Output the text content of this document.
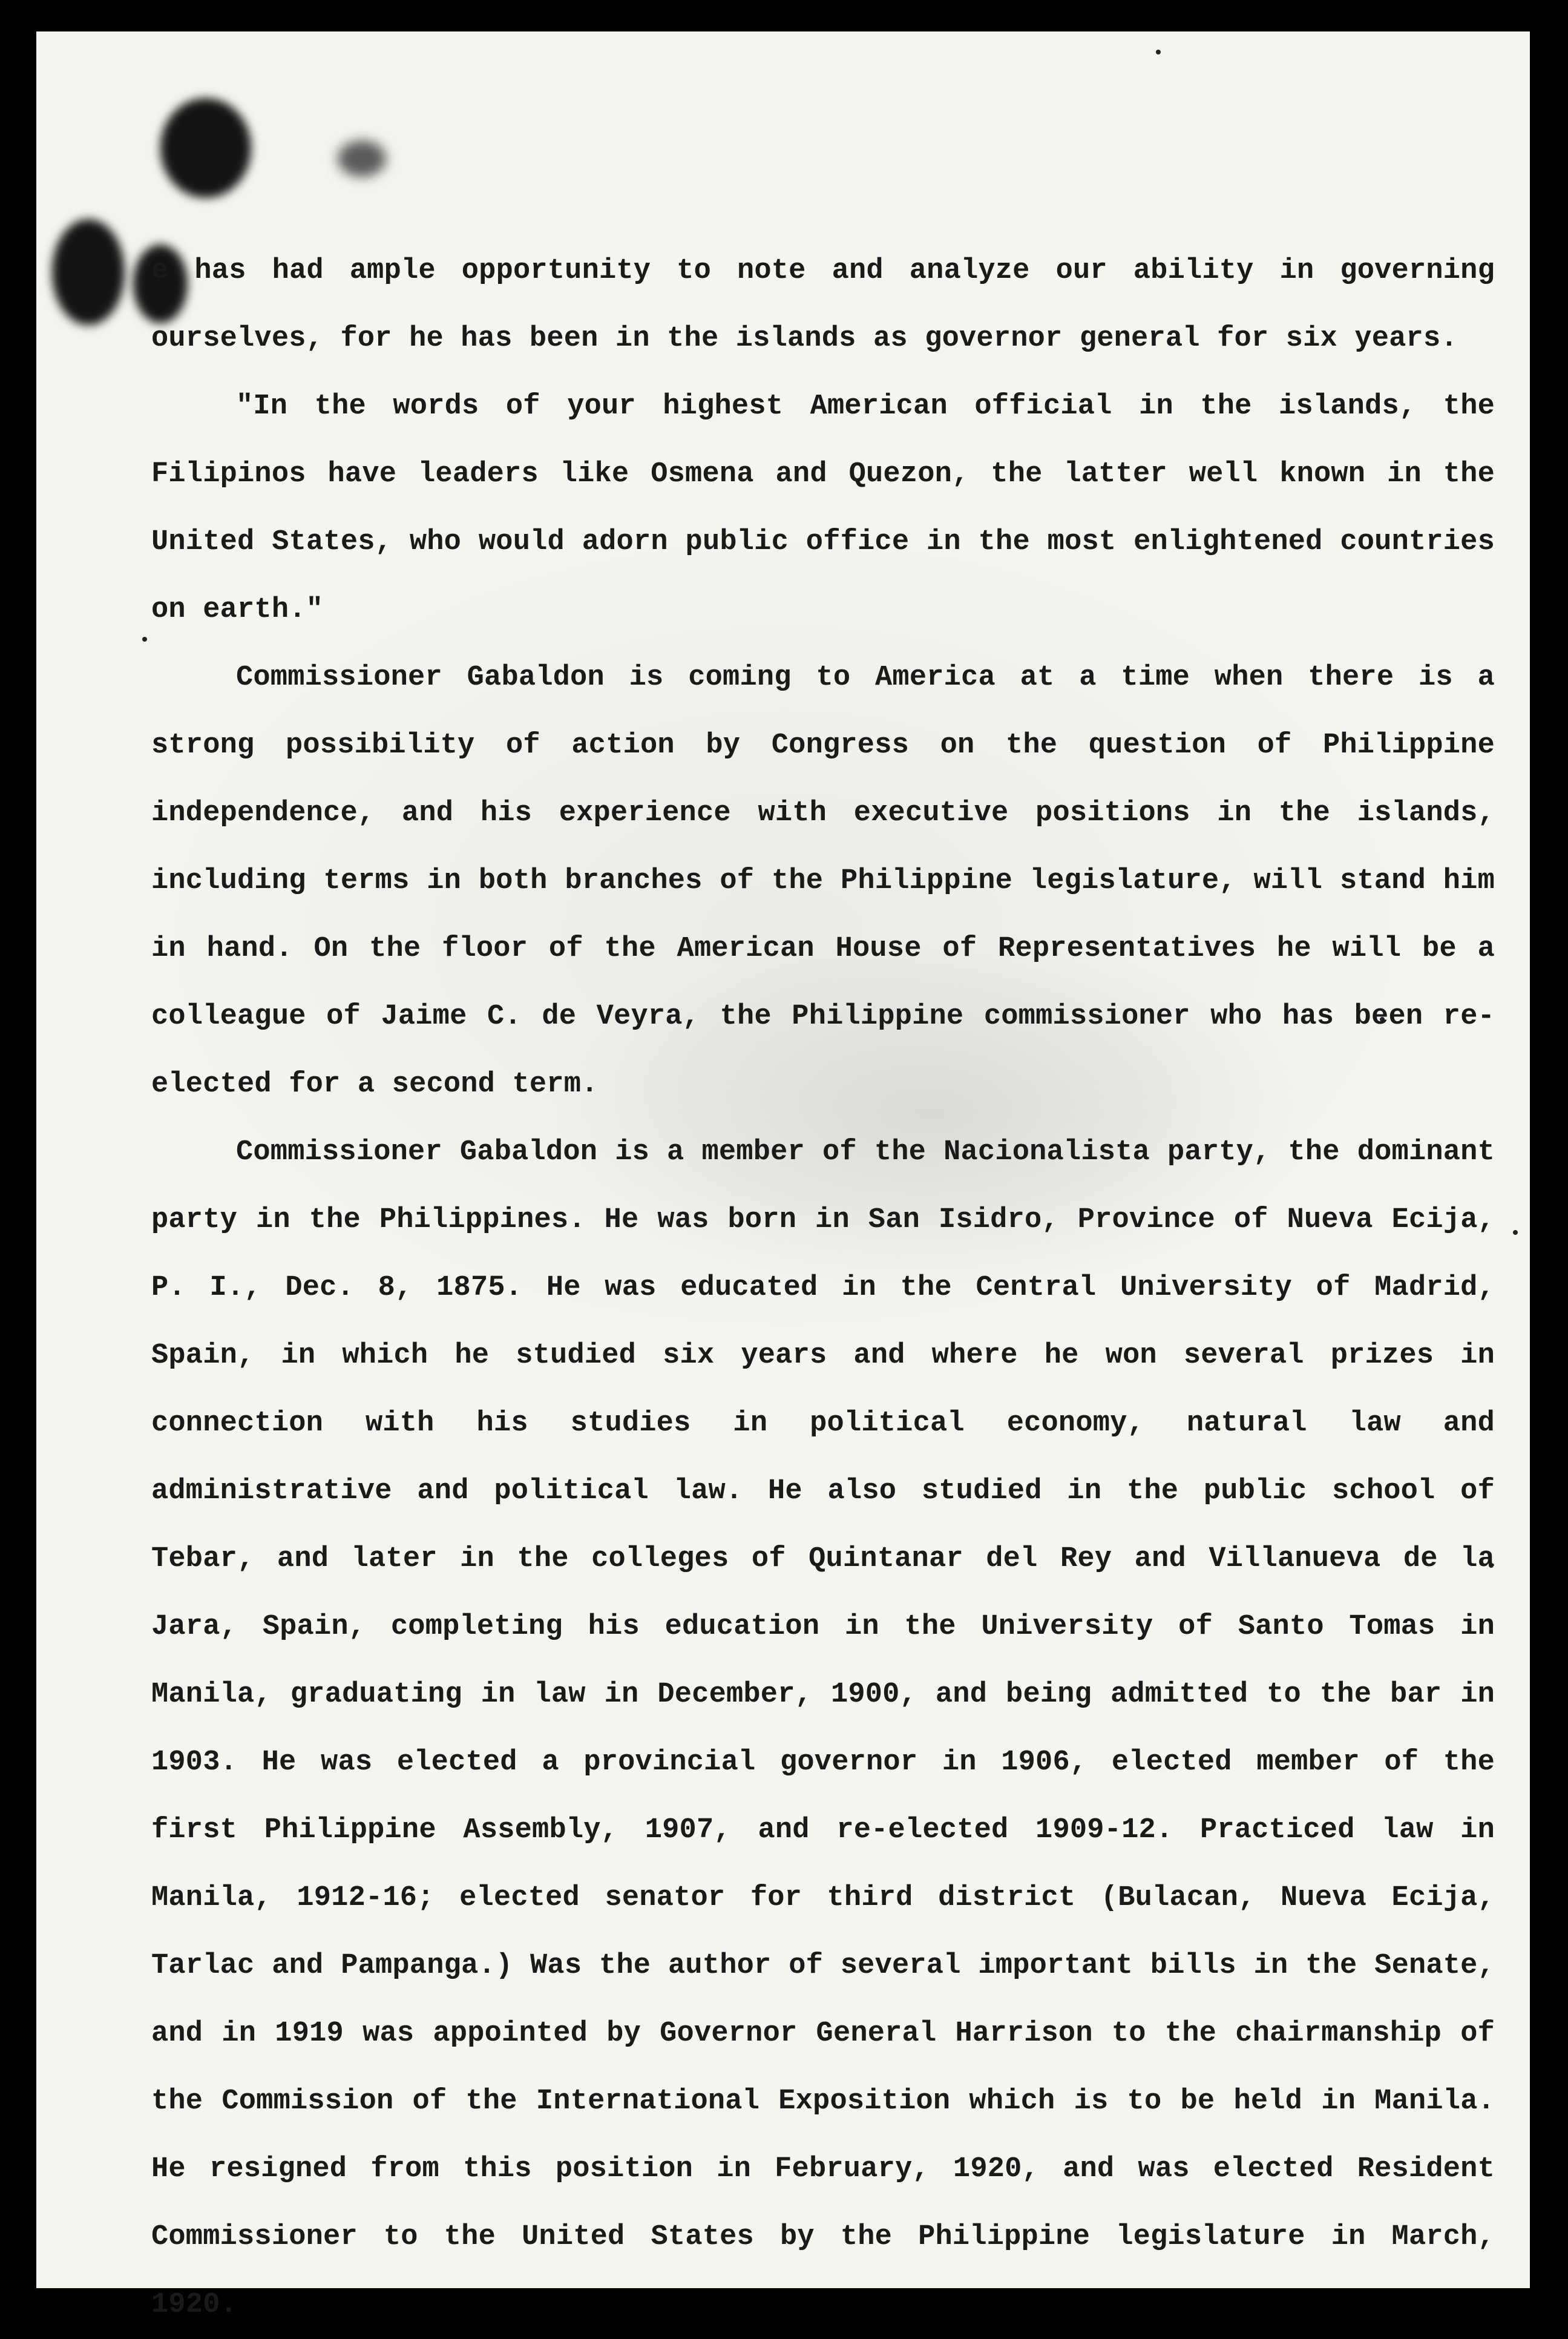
e has had ample opportunity to note and analyze our ability in governing ourselves, for he has been in the islands as governor general for six years.

"In the words of your highest American official in the islands, the Filipinos have leaders like Osmena and Quezon, the latter well known in the United States, who would adorn public office in the most enlightened countries on earth."

Commissioner Gabaldon is coming to America at a time when there is a strong possibility of action by Congress on the question of Philippine independence, and his experience with executive positions in the islands, including terms in both branches of the Philippine legislature, will stand him in hand. On the floor of the American House of Representatives he will be a colleague of Jaime C. de Veyra, the Philippine commissioner who has been re-elected for a second term.

Commissioner Gabaldon is a member of the Nacionalista party, the dominant party in the Philippines. He was born in San Isidro, Province of Nueva Ecija, P. I., Dec. 8, 1875. He was educated in the Central University of Madrid, Spain, in which he studied six years and where he won several prizes in connection with his studies in political economy, natural law and administrative and political law. He also studied in the public school of Tebar, and later in the colleges of Quintanar del Rey and Villanueva de la Jara, Spain, completing his education in the University of Santo Tomas in Manila, graduating in law in December, 1900, and being admitted to the bar in 1903. He was elected a provincial governor in 1906, elected member of the first Philippine Assembly, 1907, and re-elected 1909-12. Practiced law in Manila, 1912-16; elected senator for third district (Bulacan, Nueva Ecija, Tarlac and Pampanga.) Was the author of several important bills in the Senate, and in 1919 was appointed by Governor General Harrison to the chairmanship of the Commission of the International Exposition which is to be held in Manila. He resigned from this position in February, 1920, and was elected Resident Commissioner to the United States by the Philippine legislature in March, 1920.
